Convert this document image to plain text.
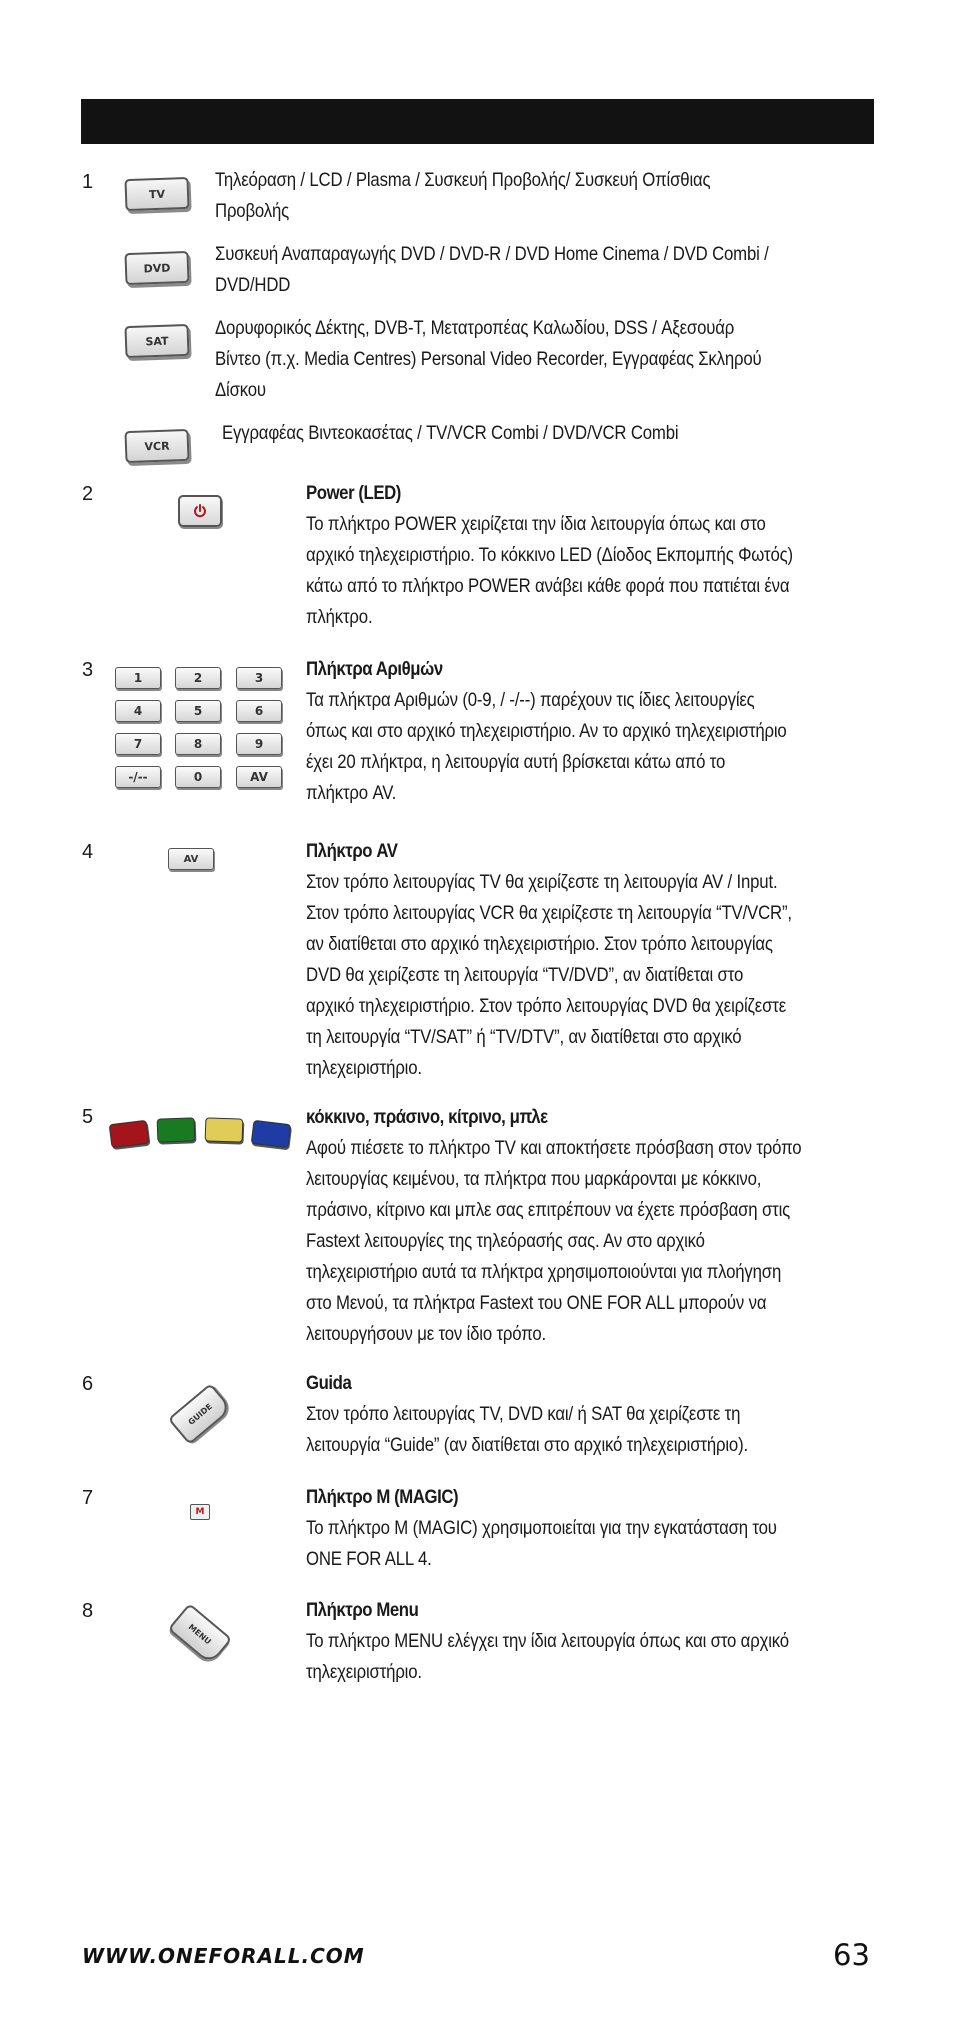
1
TV
Τηλεόραση / LCD / Plasma / Συσκευή Προβολής/ Συσκευή Οπίσθιας
Προβολής
DVD
Συσκευή Αναπαραγωγής DVD / DVD-R / DVD Home Cinema / DVD Combi /
DVD/HDD
SAT
Δορυφορικός Δέκτης, DVB-T, Μετατροπέας Καλωδίου, DSS / Αξεσουάρ
Βίντεο (π.χ. Media Centres) Personal Video Recorder, Εγγραφέας Σκληρού
Δίσκου
VCR
Εγγραφέας Βιντεοκασέτας / TV/VCR Combi / DVD/VCR Combi
2	Power (LED)
Το πλήκτρο POWER χειρίζεται την ίδια λειτουργία όπως και στο
αρχικό τηλεχειριστήριο. Το κόκκινο LED (Δίοδος Εκπομπής Φωτός)
κάτω από το πλήκτρο POWER ανάβει κάθε φορά που πατιέται ένα
πλήκτρο.
3	1	2	3
4	5	6
7	8	9
-/--	0	AV
Πλήκτρα Αριθμών
Τα πλήκτρα Αριθμών (0-9, / -/--) παρέχουν τις ίδιες λειτουργίες
όπως και στο αρχικό τηλεχειριστήριο. Αν το αρχικό τηλεχειριστήριο
έχει 20 πλήκτρα, η λειτουργία αυτή βρίσκεται κάτω από το
πλήκτρο AV.
4	AV	Πλήκτρο AV
Στον τρόπο λειτουργίας TV θα χειρίζεστε τη λειτουργία AV / Input.
Στον τρόπο λειτουργίας VCR θα χειρίζεστε τη λειτουργία “TV/VCR”,
αν διατίθεται στο αρχικό τηλεχειριστήριο. Στον τρόπο λειτουργίας
DVD θα χειρίζεστε τη λειτουργία “TV/DVD”, αν διατίθεται στο
αρχικό τηλεχειριστήριο. Στον τρόπο λειτουργίας DVD θα χειρίζεστε
τη λειτουργία “TV/SAT” ή “TV/DTV”, αν διατίθεται στο αρχικό
τηλεχειριστήριο.
5	κόκκινο, πράσινο, κίτρινο, μπλε
Αφού πιέσετε το πλήκτρο TV και αποκτήσετε πρόσβαση στον τρόπο
λειτουργίας κειμένου, τα πλήκτρα που μαρκάρονται με κόκκινο,
πράσινο, κίτρινο και μπλε σας επιτρέπουν να έχετε πρόσβαση στις
Fastext λειτουργίες της τηλεόρασής σας. Αν στο αρχικό
τηλεχειριστήριο αυτά τα πλήκτρα χρησιμοποιούνται για πλοήγηση
στο Μενού, τα πλήκτρα Fastext του ONE FOR ALL μπορούν να
λειτουργήσουν με τον ίδιο τρόπο.
6
GUIDE
Guida
Στον τρόπο λειτουργίας TV, DVD και/ ή SAT θα χειρίζεστε τη
λειτουργία “Guide” (αν διατίθεται στο αρχικό τηλεχειριστήριο).
7
M
Πλήκτρο M (MAGIC)
Το πλήκτρο M (MAGIC) χρησιμοποιείται για την εγκατάσταση του
ONE FOR ALL 4.
8
MENU
Πλήκτρο Menu
Το πλήκτρο MENU ελέγχει την ίδια λειτουργία όπως και στο αρχικό
τηλεχειριστήριο.
WWW.ONEFORALL.COM	63
